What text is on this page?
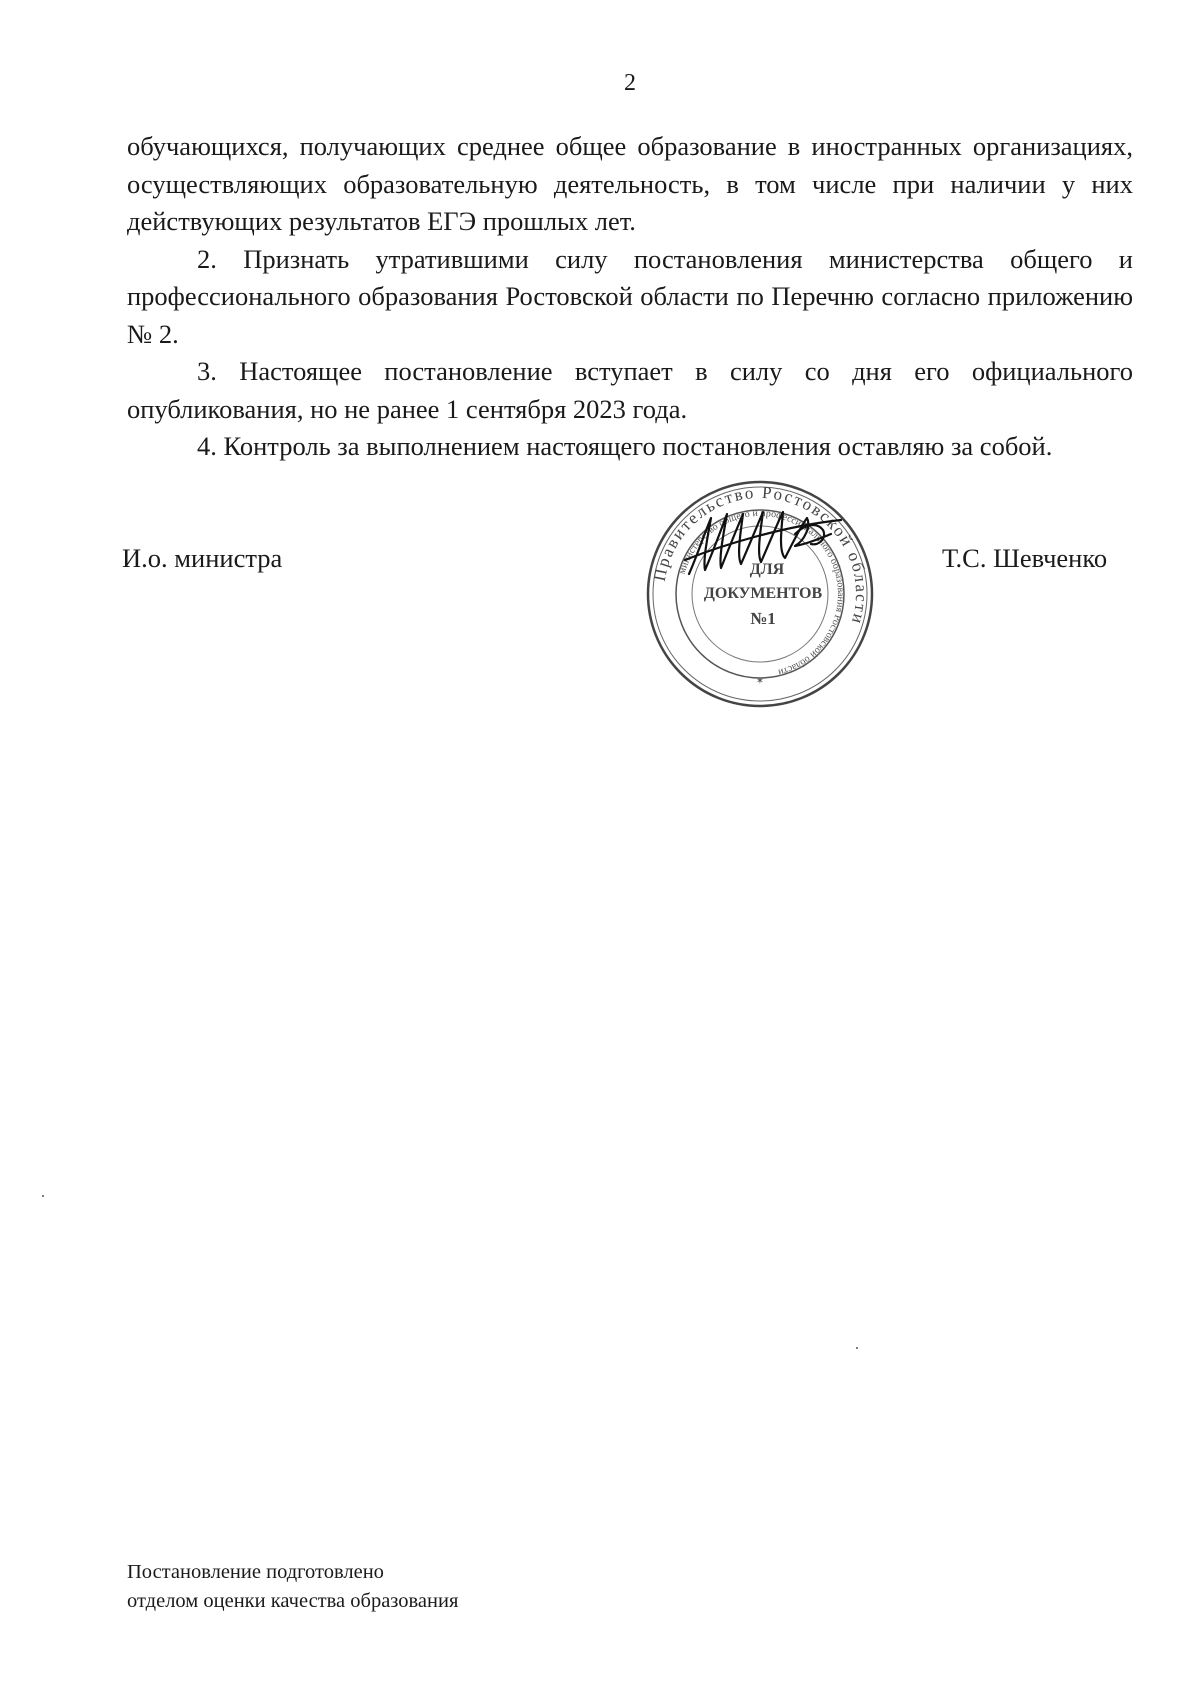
2

обучающихся, получающих среднее общее образование в иностранных организациях, осуществляющих образовательную деятельность, в том числе при наличии у них действующих результатов ЕГЭ прошлых лет.

2. Признать утратившими силу постановления министерства общего и профессионального образования Ростовской области по Перечню согласно приложению № 2.

3. Настоящее постановление вступает в силу со дня его официального опубликования, но не ранее 1 сентября 2023 года.

4. Контроль за выполнением настоящего постановления оставляю за собой.

И.о. министра	Т.С. Шевченко
Правительство Ростовской области
министерство общего и профессионального образования Ростовской области
ДЛЯ
ДОКУМЕНТОВ
№1
✶
Постановление подготовлено
отделом оценки качества образования
